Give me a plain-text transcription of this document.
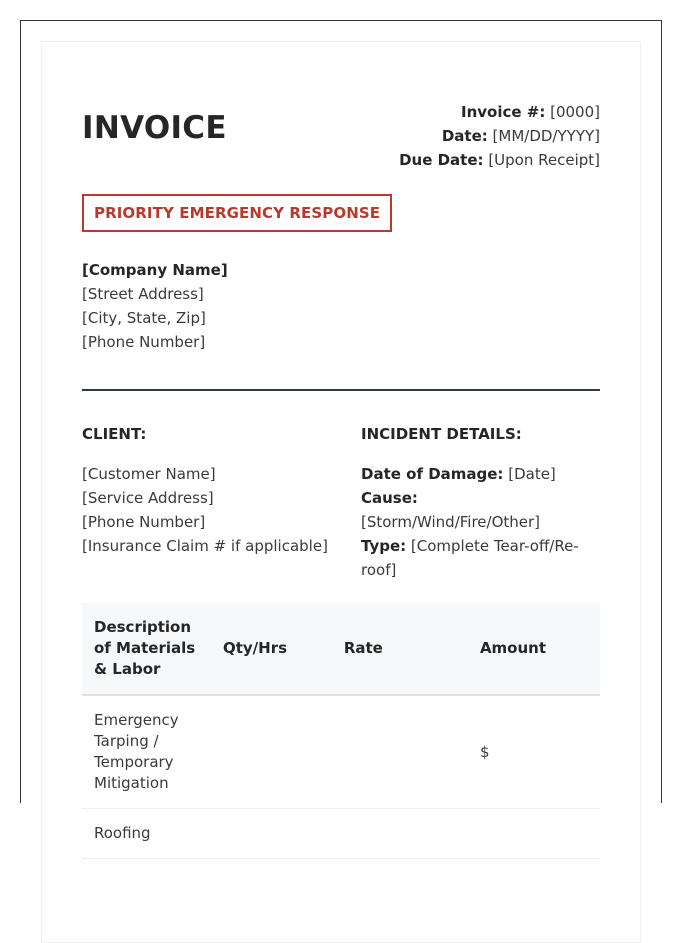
INVOICE	Invoice #: [0000]
Date: [MM/DD/YYYY]
Due Date: [Upon Receipt]
PRIORITY EMERGENCY RESPONSE
[Company Name]
[Street Address]
[City, State, Zip]
[Phone Number]
CLIENT:
[Customer Name]
[Service Address]
[Phone Number]
[Insurance Claim # if applicable]
INCIDENT DETAILS:
Date of Damage: [Date]
Cause: [Storm/Wind/Fire/Other]
Type: [Complete Tear-off/Re-roof]
Description of Materials & Labor	Qty/Hrs	Rate	Amount
Emergency Tarping / Temporary Mitigation			$
Roofing			
